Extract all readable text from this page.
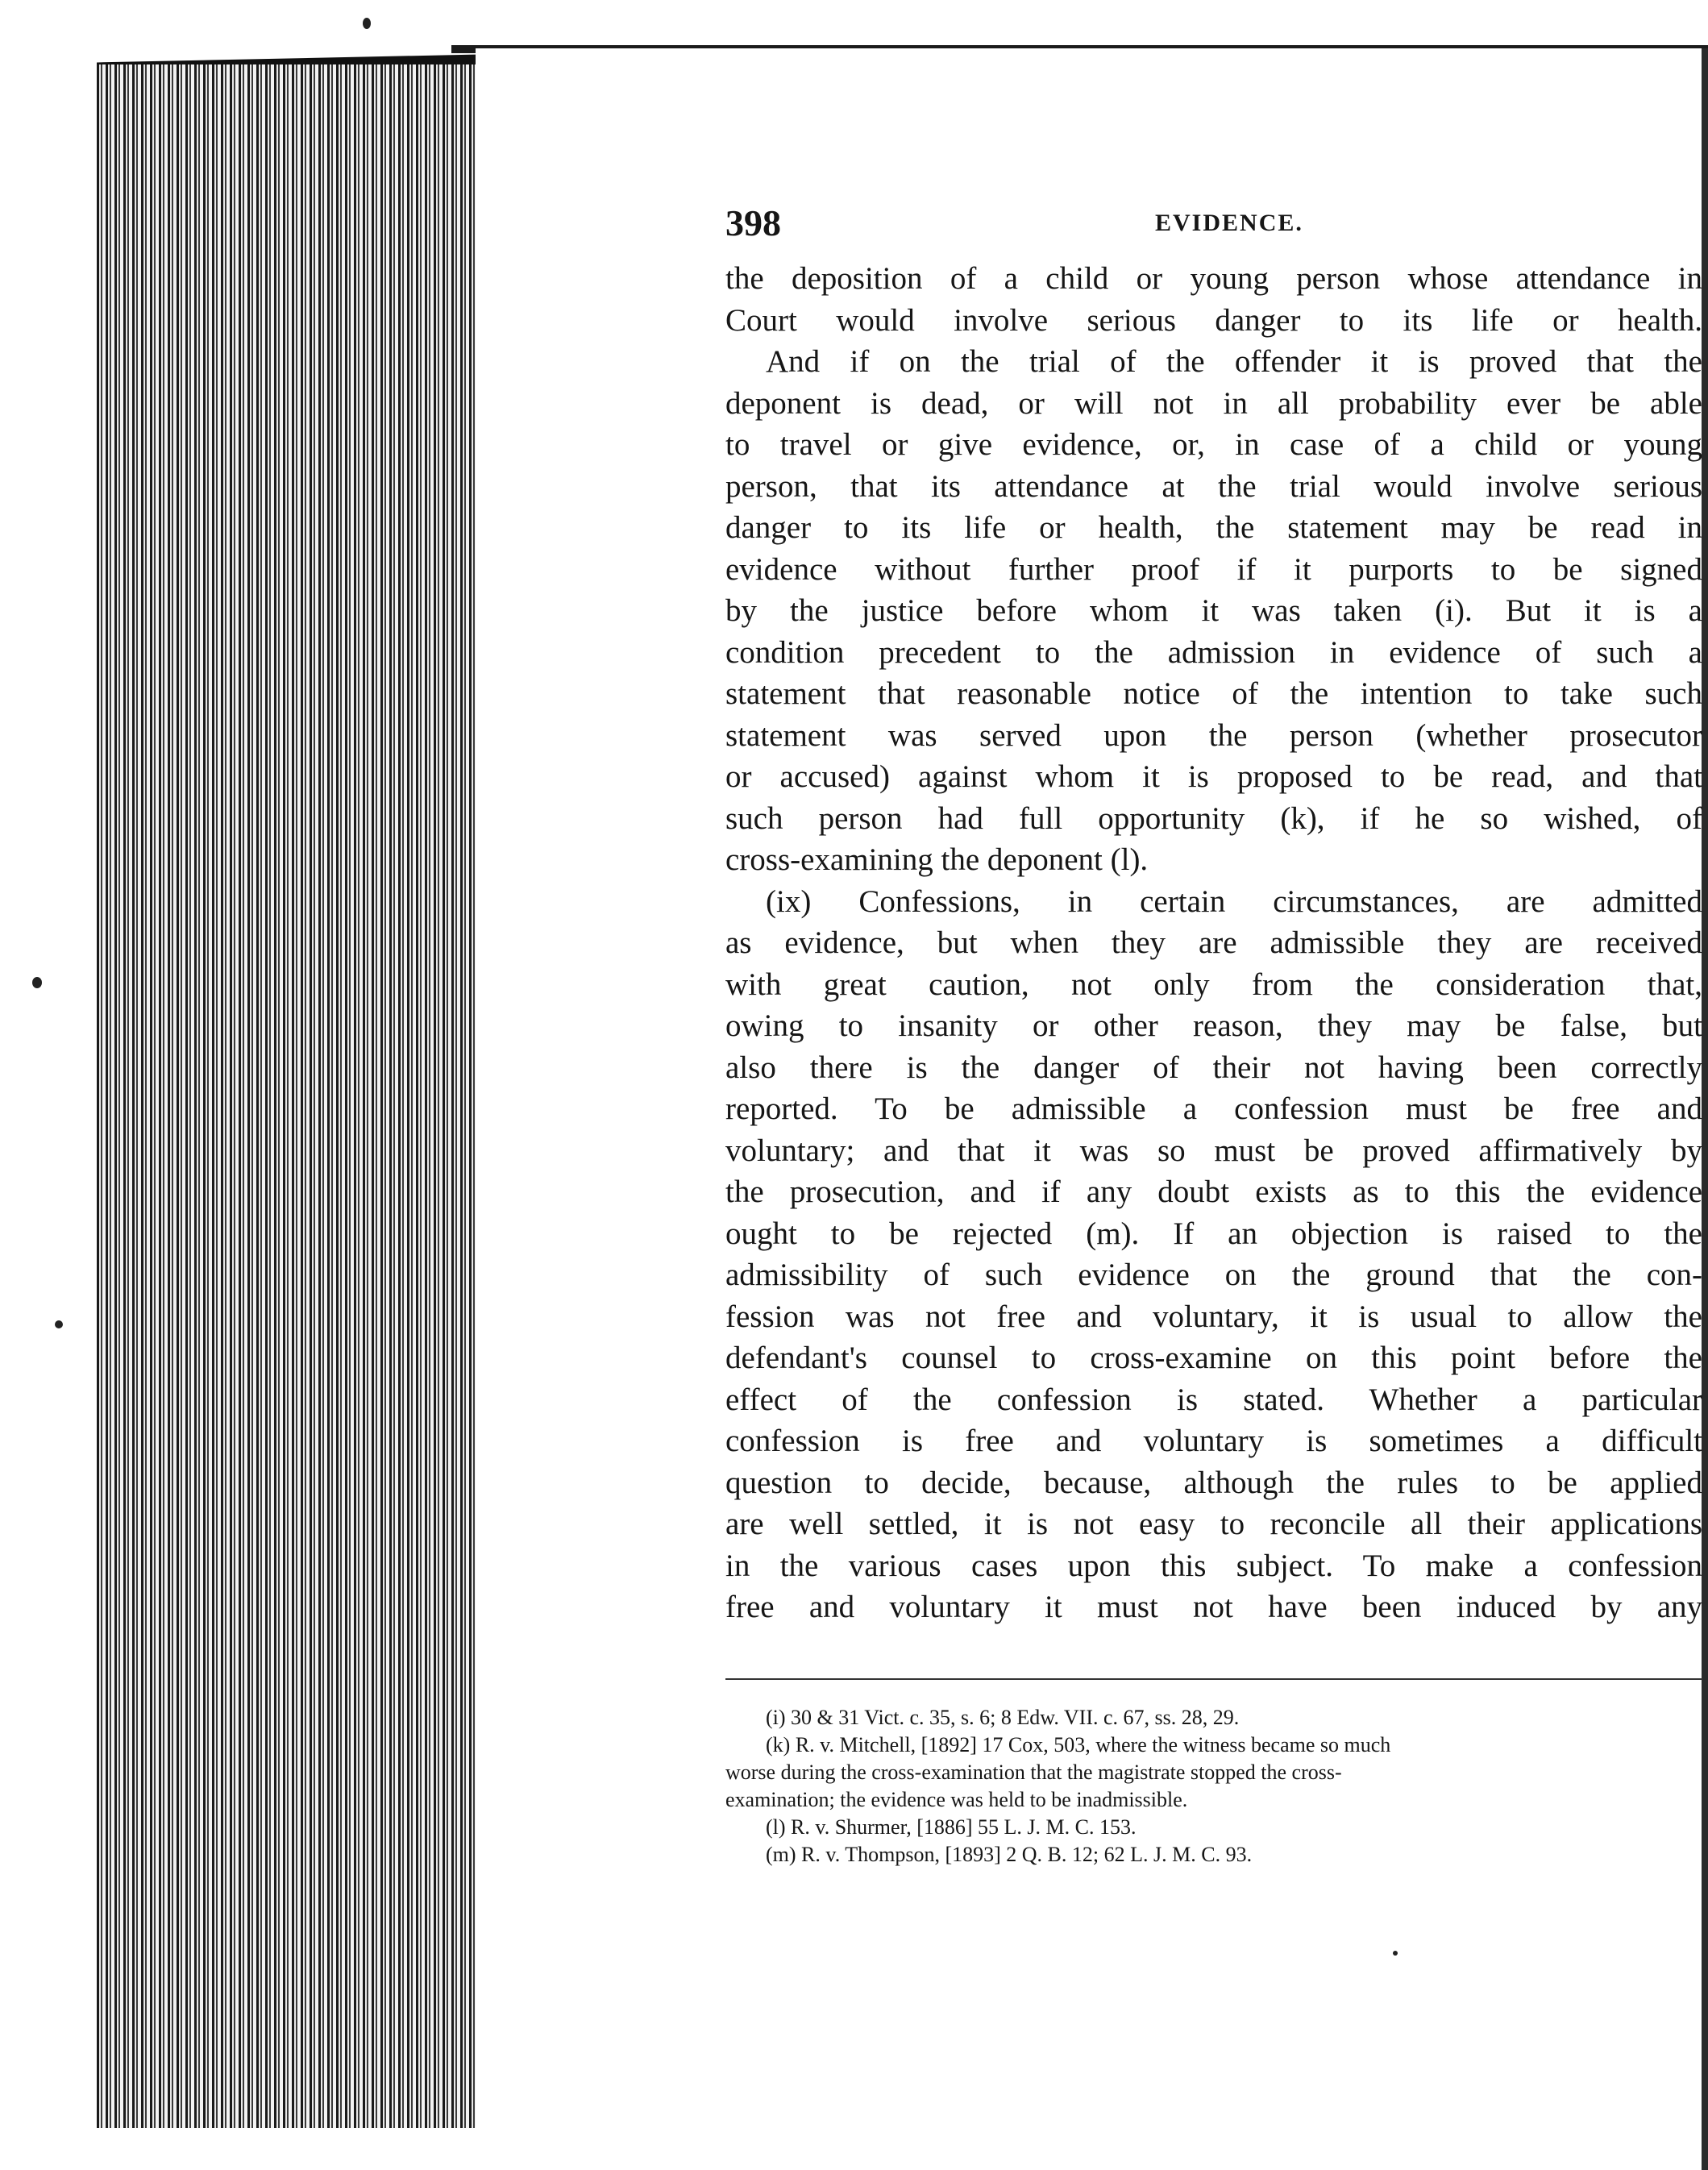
398	EVIDENCE.
the deposition of a child or young person whose attendance in
Court would involve serious danger to its life or health.
And if on the trial of the offender it is proved that the
deponent is dead, or will not in all probability ever be able
to travel or give evidence, or, in case of a child or young
person, that its attendance at the trial would involve serious
danger to its life or health, the statement may be read in
evidence without further proof if it purports to be signed
by the justice before whom it was taken (i). But it is a
condition precedent to the admission in evidence of such a
statement that reasonable notice of the intention to take such
statement was served upon the person (whether prosecutor
or accused) against whom it is proposed to be read, and that
such person had full opportunity (k), if he so wished, of
cross-examining the deponent (l).
(ix) Confessions, in certain circumstances, are admitted
as evidence, but when they are admissible they are received
with great caution, not only from the consideration that,
owing to insanity or other reason, they may be false, but
also there is the danger of their not having been correctly
reported. To be admissible a confession must be free and
voluntary; and that it was so must be proved affirmatively by
the prosecution, and if any doubt exists as to this the evidence
ought to be rejected (m). If an objection is raised to the
admissibility of such evidence on the ground that the con-
fession was not free and voluntary, it is usual to allow the
defendant's counsel to cross-examine on this point before the
effect of the confession is stated. Whether a particular
confession is free and voluntary is sometimes a difficult
question to decide, because, although the rules to be applied
are well settled, it is not easy to reconcile all their applications
in the various cases upon this subject. To make a confession
free and voluntary it must not have been induced by any
(i) 30 & 31 Vict. c. 35, s. 6; 8 Edw. VII. c. 67, ss. 28, 29.
(k) R. v. Mitchell, [1892] 17 Cox, 503, where the witness became so much
worse during the cross-examination that the magistrate stopped the cross-
examination; the evidence was held to be inadmissible.
(l) R. v. Shurmer, [1886] 55 L. J. M. C. 153.
(m) R. v. Thompson, [1893] 2 Q. B. 12; 62 L. J. M. C. 93.
